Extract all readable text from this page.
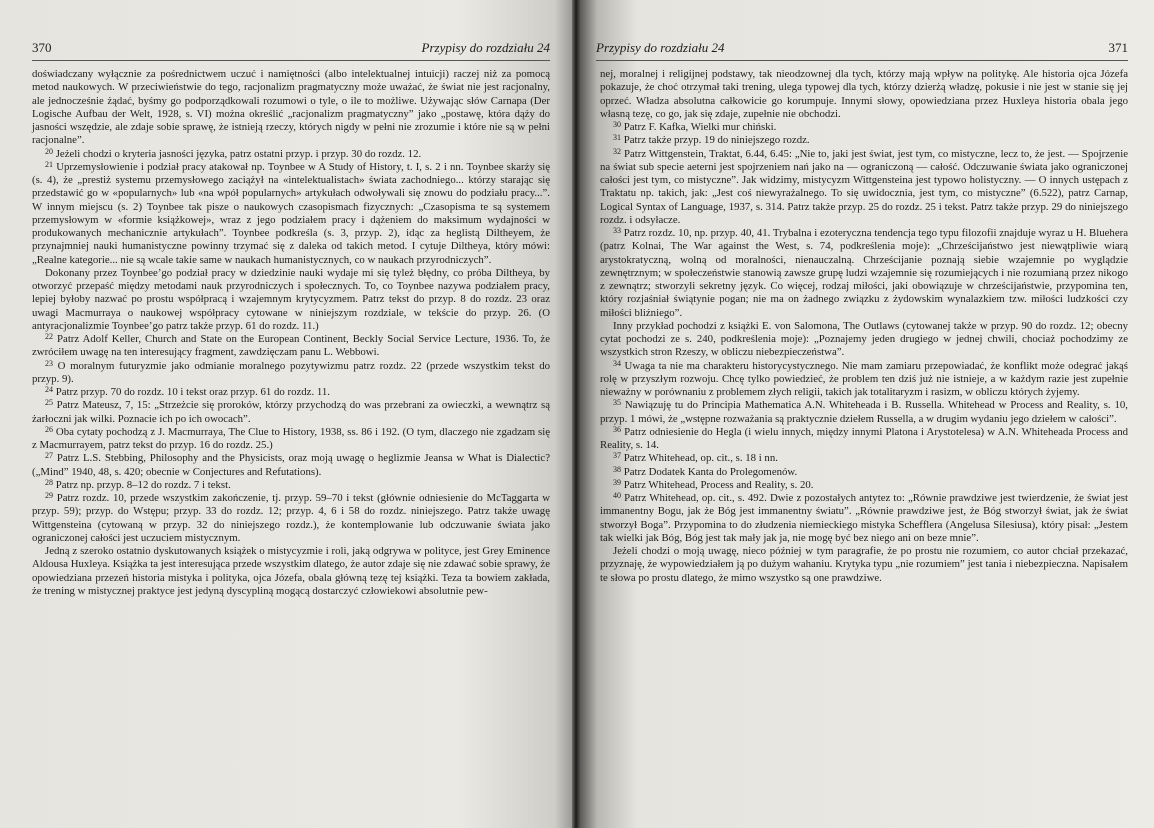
370	Przypisy do rozdziału 24

doświadczany wyłącznie za pośrednictwem uczuć i namiętności (albo intelektualnej intuicji) raczej niż za pomocą metod naukowych. W przeciwieństwie do tego, racjonalizm pragmatyczny może uważać, że świat nie jest racjonalny, ale jednocześnie żądać, byśmy go podporządkowali rozumowi o tyle, o ile to możliwe. Używając słów Carnapa (Der Logische Aufbau der Welt, 1928, s. VI) można określić „racjonalizm pragmatyczny” jako „postawę, która dąży do jasności wszędzie, ale zdaje sobie sprawę, że istnieją rzeczy, których nigdy w pełni nie zrozumie i które nie są w pełni racjonalne”.

$^{20}$ Jeżeli chodzi o kryteria jasności języka, patrz ostatni przyp. i przyp. 30 do rozdz. 12.

$^{21}$ Uprzemysłowienie i podział pracy atakował np. Toynbee w A Study of History, t. I, s. 2 i nn. Toynbee skarży się (s. 4), że „prestiż systemu przemysłowego zaciążył na «intelektualistach» świata zachodniego... którzy starając się przedstawić go w «popularnych» lub «na wpół popularnych» artykułach odwoływali się znowu do podziału pracy...”. W innym miejscu (s. 2) Toynbee tak pisze o naukowych czasopismach fizycznych: „Czasopisma te są systemem przemysłowym w «formie książkowej», wraz z jego podziałem pracy i dążeniem do maksimum wydajności w produkowanych mechanicznie artykułach”. Toynbee podkreśla (s. 3, przyp. 2), idąc za heglistą Diltheyem, że przynajmniej nauki humanistyczne powinny trzymać się z daleka od takich metod. I cytuje Diltheya, który mówi: „Realne kategorie... nie są wcale takie same w naukach humanistycznych, co w naukach przyrodniczych”.

Dokonany przez Toynbee’go podział pracy w dziedzinie nauki wydaje mi się tyleż błędny, co próba Diltheya, by otworzyć przepaść między metodami nauk przyrodniczych i społecznych. To, co Toynbee nazywa podziałem pracy, lepiej byłoby nazwać po prostu współpracą i wzajemnym krytycyzmem. Patrz tekst do przyp. 8 do rozdz. 23 oraz uwagi Macmurraya o naukowej współpracy cytowane w niniejszym rozdziale, w tekście do przyp. 26. (O antyracjonalizmie Toynbee’go patrz także przyp. 61 do rozdz. 11.)

$^{22}$ Patrz Adolf Keller, Church and State on the European Continent, Beckly Social Service Lecture, 1936. To, że zwróciłem uwagę na ten interesujący fragment, zawdzięczam panu L. Webbowi.

$^{23}$ O moralnym futuryzmie jako odmianie moralnego pozytywizmu patrz rozdz. 22 (przede wszystkim tekst do przyp. 9).

$^{24}$ Patrz przyp. 70 do rozdz. 10 i tekst oraz przyp. 61 do rozdz. 11.

$^{25}$ Patrz Mateusz, 7, 15: „Strzeżcie się proroków, którzy przychodzą do was przebrani za owieczki, a wewnątrz są żarłoczni jak wilki. Poznacie ich po ich owocach”.

$^{26}$ Oba cytaty pochodzą z J. Macmurraya, The Clue to History, 1938, ss. 86 i 192. (O tym, dlaczego nie zgadzam się z Macmurrayem, patrz tekst do przyp. 16 do rozdz. 25.)

$^{27}$ Patrz L.S. Stebbing, Philosophy and the Physicists, oraz moją uwagę o heglizmie Jeansa w What is Dialectic? („Mind” 1940, 48, s. 420; obecnie w Conjectures and Refutations).

$^{28}$ Patrz np. przyp. 8–12 do rozdz. 7 i tekst.

$^{29}$ Patrz rozdz. 10, przede wszystkim zakończenie, tj. przyp. 59–70 i tekst (głównie odniesienie do McTaggarta w przyp. 59); przyp. do Wstępu; przyp. 33 do rozdz. 12; przyp. 4, 6 i 58 do rozdz. niniejszego. Patrz także uwagę Wittgensteina (cytowaną w przyp. 32 do niniejszego rozdz.), że kontemplowanie lub odczuwanie świata jako ograniczonej całości jest uczuciem mistycznym.

Jedną z szeroko ostatnio dyskutowanych książek o mistycyzmie i roli, jaką odgrywa w polityce, jest Grey Eminence Aldousa Huxleya. Książka ta jest interesująca przede wszystkim dlatego, że autor zdaje się nie zdawać sobie sprawy, że opowiedziana przezeń historia mistyka i polityka, ojca Józefa, obala główną tezę tej książki. Teza ta bowiem zakłada, że trening w mistycznej praktyce jest jedyną dyscypliną mogącą dostarczyć człowiekowi absolutnie pew-

Przypisy do rozdziału 24	371

nej, moralnej i religijnej podstawy, tak nieodzownej dla tych, którzy mają wpływ na politykę. Ale historia ojca Józefa pokazuje, że choć otrzymał taki trening, ulega typowej dla tych, którzy dzierżą władzę, pokusie i nie jest w stanie się jej oprzeć. Władza absolutna całkowicie go korumpuje. Innymi słowy, opowiedziana przez Huxleya historia obala jego własną tezę, co go, jak się zdaje, zupełnie nie obchodzi.

$^{30}$ Patrz F. Kafka, Wielki mur chiński.

$^{31}$ Patrz także przyp. 19 do niniejszego rozdz.

$^{32}$ Patrz Wittgenstein, Traktat, 6.44, 6.45: „Nie to, jaki jest świat, jest tym, co mistyczne, lecz to, że jest. — Spojrzenie na świat sub specie aeterni jest spojrzeniem nań jako na — ograniczoną — całość. Odczuwanie świata jako ograniczonej całości jest tym, co mistyczne”. Jak widzimy, mistycyzm Wittgensteina jest typowo holistyczny. — O innych ustępach z Traktatu np. takich, jak: „Jest coś niewyrażalnego. To się uwidocznia, jest tym, co mistyczne” (6.522), patrz Carnap, Logical Syntax of Language, 1937, s. 314. Patrz także przyp. 25 do rozdz. 25 i tekst. Patrz także przyp. 29 do niniejszego rozdz. i odsyłacze.

$^{33}$ Patrz rozdz. 10, np. przyp. 40, 41. Trybalna i ezoteryczna tendencja tego typu filozofii znajduje wyraz u H. Bluehera (patrz Kolnai, The War against the West, s. 74, podkreślenia moje): „Chrześcijaństwo jest niewątpliwie wiarą arystokratyczną, wolną od moralności, nienauczalną. Chrześcijanie poznają siebie wzajemnie po wyglądzie zewnętrznym; w społeczeństwie stanowią zawsze grupę ludzi wzajemnie się rozumiejących i nie rozumianą przez nikogo z zewnątrz; stworzyli sekretny język. Co więcej, rodzaj miłości, jaki obowiązuje w chrześcijaństwie, przypomina ten, który rozjaśniał świątynie pogan; nie ma on żadnego związku z żydowskim wynalazkiem tzw. miłości ludzkości czy miłości bliźniego”.

Inny przykład pochodzi z książki E. von Salomona, The Outlaws (cytowanej także w przyp. 90 do rozdz. 12; obecny cytat pochodzi ze s. 240, podkreślenia moje): „Poznajemy jeden drugiego w jednej chwili, chociaż pochodzimy ze wszystkich stron Rzeszy, w obliczu niebezpieczeństwa”.

$^{34}$ Uwaga ta nie ma charakteru historycystycznego. Nie mam zamiaru przepowiadać, że konflikt może odegrać jakąś rolę w przyszłym rozwoju. Chcę tylko powiedzieć, że problem ten dziś już nie istnieje, a w każdym razie jest zupełnie nieważny w porównaniu z problemem złych religii, takich jak totalitaryzm i rasizm, w obliczu których żyjemy.

$^{35}$ Nawiązuję tu do Principia Mathematica A.N. Whiteheada i B. Russella. Whitehead w Process and Reality, s. 10, przyp. 1 mówi, że „wstępne rozważania są praktycznie dziełem Russella, a w drugim wydaniu jego dziełem w całości”.

$^{36}$ Patrz odniesienie do Hegla (i wielu innych, między innymi Platona i Arystotelesa) w A.N. Whiteheada Process and Reality, s. 14.

$^{37}$ Patrz Whitehead, op. cit., s. 18 i nn.

$^{38}$ Patrz Dodatek Kanta do Prolegomenów.

$^{39}$ Patrz Whitehead, Process and Reality, s. 20.

$^{40}$ Patrz Whitehead, op. cit., s. 492. Dwie z pozostałych antytez to: „Równie prawdziwe jest twierdzenie, że świat jest immanentny Bogu, jak że Bóg jest immanentny światu”. „Równie prawdziwe jest, że Bóg stworzył świat, jak że świat stworzył Boga”. Przypomina to do złudzenia niemieckiego mistyka Schefflera (Angelusa Silesiusa), który pisał: „Jestem tak wielki jak Bóg, Bóg jest tak mały jak ja, nie mogę być bez niego ani on beze mnie”.

Jeżeli chodzi o moją uwagę, nieco później w tym paragrafie, że po prostu nie rozumiem, co autor chciał przekazać, przyznaję, że wypowiedziałem ją po dużym wahaniu. Krytyka typu „nie rozumiem” jest tania i niebezpieczna. Napisałem te słowa po prostu dlatego, że mimo wszystko są one prawdziwe.
